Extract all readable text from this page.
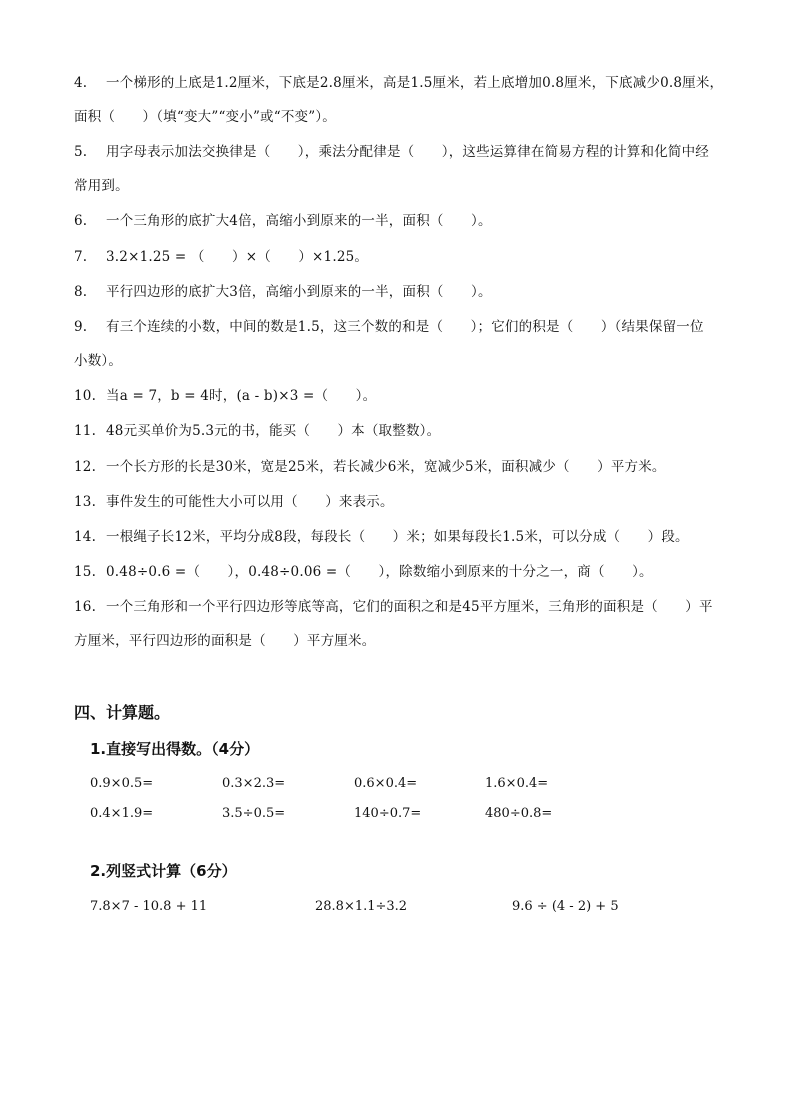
4. 一个梯形的上底是1.2厘米，下底是2.8厘米，高是1.5厘米，若上底增加0.8厘米，下底减少0.8厘米，
面积（　　）（填“变大”“变小”或“不变”）。
5. 用字母表示加法交换律是（　　），乘法分配律是（　　），这些运算律在简易方程的计算和化简中经
常用到。
6. 一个三角形的底扩大4倍，高缩小到原来的一半，面积（　　）。
7. 3.2×1.25 = （　　）×（　　）×1.25。
8. 平行四边形的底扩大3倍，高缩小到原来的一半，面积（　　）。
9. 有三个连续的小数，中间的数是1.5，这三个数的和是（　　）；它们的积是（　　）（结果保留一位
小数）。
10. 当a = 7，b = 4时，(a - b)×3 =（　　）。
11. 48元买单价为5.3元的书，能买（　　）本（取整数）。
12. 一个长方形的长是30米，宽是25米，若长减少6米，宽减少5米，面积减少（　　）平方米。
13. 事件发生的可能性大小可以用（　　）来表示。
14. 一根绳子长12米，平均分成8段，每段长（　　）米；如果每段长1.5米，可以分成（　　）段。
15. 0.48÷0.6 =（　　），0.48÷0.06 =（　　），除数缩小到原来的十分之一，商（　　）。
16. 一个三角形和一个平行四边形等底等高，它们的面积之和是45平方厘米，三角形的面积是（　　）平
方厘米，平行四边形的面积是（　　）平方厘米。
四、计算题。
1.直接写出得数。（4分）
0.9×0.5=	0.3×2.3=	0.6×0.4=	1.6×0.4=
0.4×1.9=	3.5÷0.5=	140÷0.7=	480÷0.8=
2.列竖式计算（6分）
7.8×7 - 10.8 + 11	28.8×1.1÷3.2	9.6 ÷ (4 - 2) + 5
